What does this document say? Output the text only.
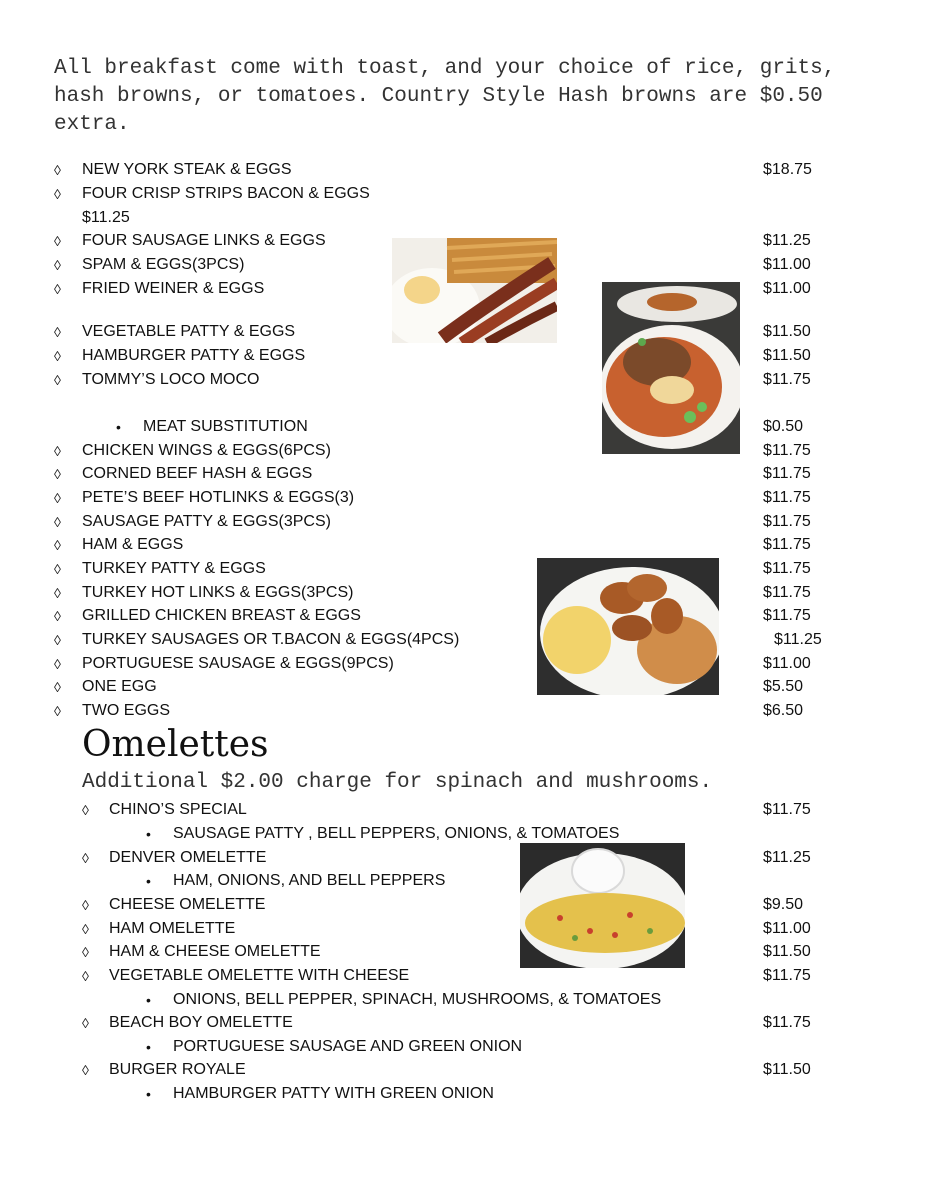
All breakfast come with toast, and your choice of rice, grits, hash browns, or tomatoes. Country Style Hash browns are $0.50 extra.
◊ NEW YORK STEAK & EGGS	$18.75
◊ FOUR CRISP STRIPS BACON & EGGS
$11.25
◊ FOUR SAUSAGE LINKS & EGGS	$11.25
◊ SPAM & EGGS(3PCS)	$11.00
◊ FRIED WEINER & EGGS	$11.00
◊ VEGETABLE PATTY & EGGS	$11.50
◊ HAMBURGER PATTY & EGGS	$11.50
◊ TOMMY’S LOCO MOCO	$11.75
• MEAT SUBSTITUTION	$0.50
◊ CHICKEN WINGS & EGGS(6PCS)	$11.75
◊ CORNED BEEF HASH & EGGS	$11.75
◊ PETE’S BEEF HOTLINKS & EGGS(3)	$11.75
◊ SAUSAGE PATTY & EGGS(3PCS)	$11.75
◊ HAM & EGGS	$11.75
◊ TURKEY PATTY & EGGS	$11.75
◊ TURKEY HOT LINKS & EGGS(3PCS)	$11.75
◊ GRILLED CHICKEN BREAST & EGGS	$11.75
◊ TURKEY SAUSAGES OR T.BACON & EGGS(4PCS)	$11.25
◊ PORTUGUESE SAUSAGE & EGGS(9PCS)	$11.00
◊ ONE EGG	$5.50
◊ TWO EGGS	$6.50
Omelettes
Additional $2.00 charge for spinach and mushrooms.
◊ CHINO’S SPECIAL	$11.75
• SAUSAGE PATTY , BELL PEPPERS, ONIONS, & TOMATOES
◊ DENVER OMELETTE	$11.25
• HAM, ONIONS, AND BELL PEPPERS
◊ CHEESE OMELETTE	$9.50
◊ HAM OMELETTE	$11.00
◊ HAM & CHEESE OMELETTE	$11.50
◊ VEGETABLE OMELETTE WITH CHEESE	$11.75
• ONIONS, BELL PEPPER, SPINACH, MUSHROOMS, & TOMATOES
◊ BEACH BOY OMELETTE	$11.75
• PORTUGUESE SAUSAGE AND GREEN ONION
◊ BURGER ROYALE	$11.50
• HAMBURGER PATTY WITH GREEN ONION
